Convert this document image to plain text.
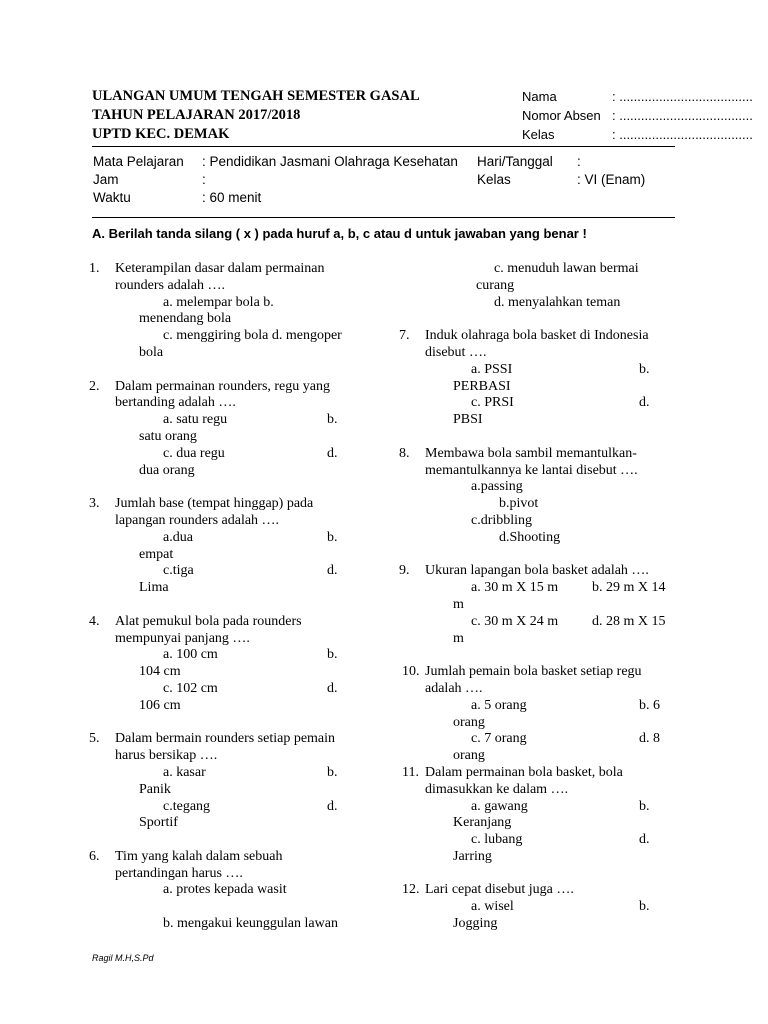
ULANGAN UMUM TENGAH SEMESTER GASAL
TAHUN PELAJARAN 2017/2018
UPTD KEC. DEMAK
Nama	: .....................................
Nomor Absen : .....................................
Kelas	: .....................................
Mata Pelajaran : Pendidikan Jasmani Olahraga Kesehatan
Jam	:
Waktu	: 60 menit
Hari/Tanggal :
Kelas	: VI (Enam)
A. Berilah tanda silang ( x ) pada huruf a, b, c atau d untuk jawaban yang benar !
1. Keterampilan dasar dalam permainan
rounders adalah ….
a. melempar bola b.
menendang bola
c. menggiring bola d. mengoper
bola
2. Dalam permainan rounders, regu yang
bertanding adalah ….
a. satu regu	b.
satu orang
c. dua regu	d.
dua orang
3. Jumlah base (tempat hinggap) pada
lapangan rounders adalah ….
a.dua	b.
empat
c.tiga	d.
Lima
4. Alat pemukul bola pada rounders
mempunyai panjang ….
a. 100 cm	b.
104 cm
c. 102 cm	d.
106 cm
5. Dalam bermain rounders setiap pemain
harus bersikap ….
a. kasar	b.
Panik
c.tegang	d.
Sportif
6. Tim yang kalah dalam sebuah
pertandingan harus ….
a. protes kepada wasit
b. mengakui keunggulan lawan
c. menuduh lawan bermai
curang
d. menyalahkan teman
7. Induk olahraga bola basket di Indonesia
disebut ….
a. PSSI	b.
PERBASI
c. PRSI	d.
PBSI
8. Membawa bola sambil memantulkan-
memantulkannya ke lantai disebut ….
a.passing
b.pivot
c.dribbling
d.Shooting
9. Ukuran lapangan bola basket adalah ….
a. 30 m X 15 m b. 29 m X 14
m
c. 30 m X 24 m d. 28 m X 15
m
10. Jumlah pemain bola basket setiap regu
adalah ….
a. 5 orang	b. 6
orang
c. 7 orang	d. 8
orang
11. Dalam permainan bola basket, bola
dimasukkan ke dalam ….
a. gawang	b.
Keranjang
c. lubang	d.
Jarring
12. Lari cepat disebut juga ….
a. wisel	b.
Jogging
Ragil M.H,S.Pd
